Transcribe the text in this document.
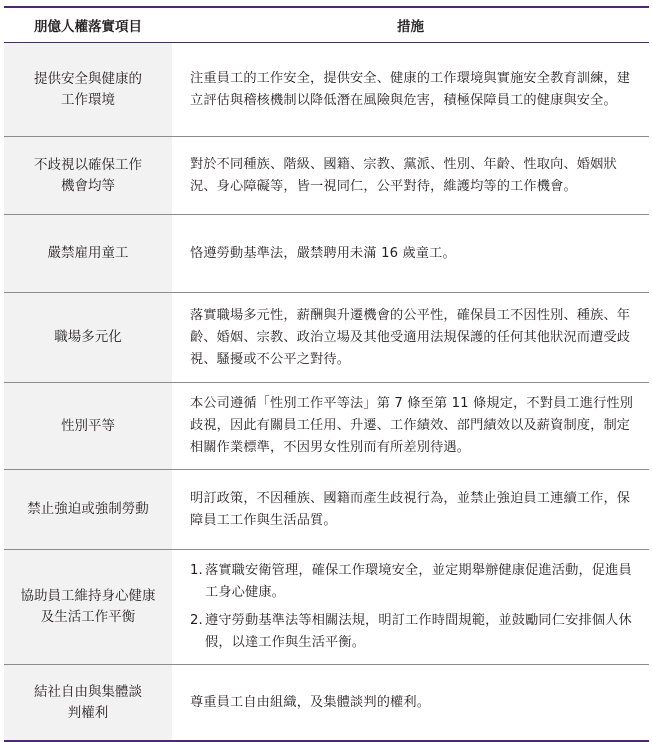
朋億人權落實項目	措施
提供安全與健康的工作環境
注重員工的工作安全，提供安全、健康的工作環境與實施安全教育訓練，建立評估與稽核機制以降低潛在風險與危害，積極保障員工的健康與安全。
不歧視以確保工作機會均等
對於不同種族、階級、國籍、宗教、黨派、性別、年齡、性取向、婚姻狀況、身心障礙等，皆一視同仁，公平對待，維護均等的工作機會。
嚴禁雇用童工	恪遵勞動基準法，嚴禁聘用未滿 16 歲童工。
職場多元化
落實職場多元性，薪酬與升遷機會的公平性，確保員工不因性別、種族、年齡、婚姻、宗教、政治立場及其他受適用法規保護的任何其他狀況而遭受歧視、騷擾或不公平之對待。
性別平等
本公司遵循「性別工作平等法」第 7 條至第 11 條規定，不對員工進行性別歧視，因此有關員工任用、升遷、工作績效、部門績效以及薪資制度，制定相關作業標準，不因男女性別而有所差別待遇。
禁止強迫或強制勞動
明訂政策，不因種族、國籍而產生歧視行為，並禁止強迫員工連續工作，保障員工工作與生活品質。
協助員工維持身心健康及生活工作平衡
1. 落實職安衛管理，確保工作環境安全，並定期舉辦健康促進活動，促進員工身心健康。
2. 遵守勞動基準法等相關法規，明訂工作時間規範，並鼓勵同仁安排個人休假，以達工作與生活平衡。
結社自由與集體談判權利
尊重員工自由組織，及集體談判的權利。
